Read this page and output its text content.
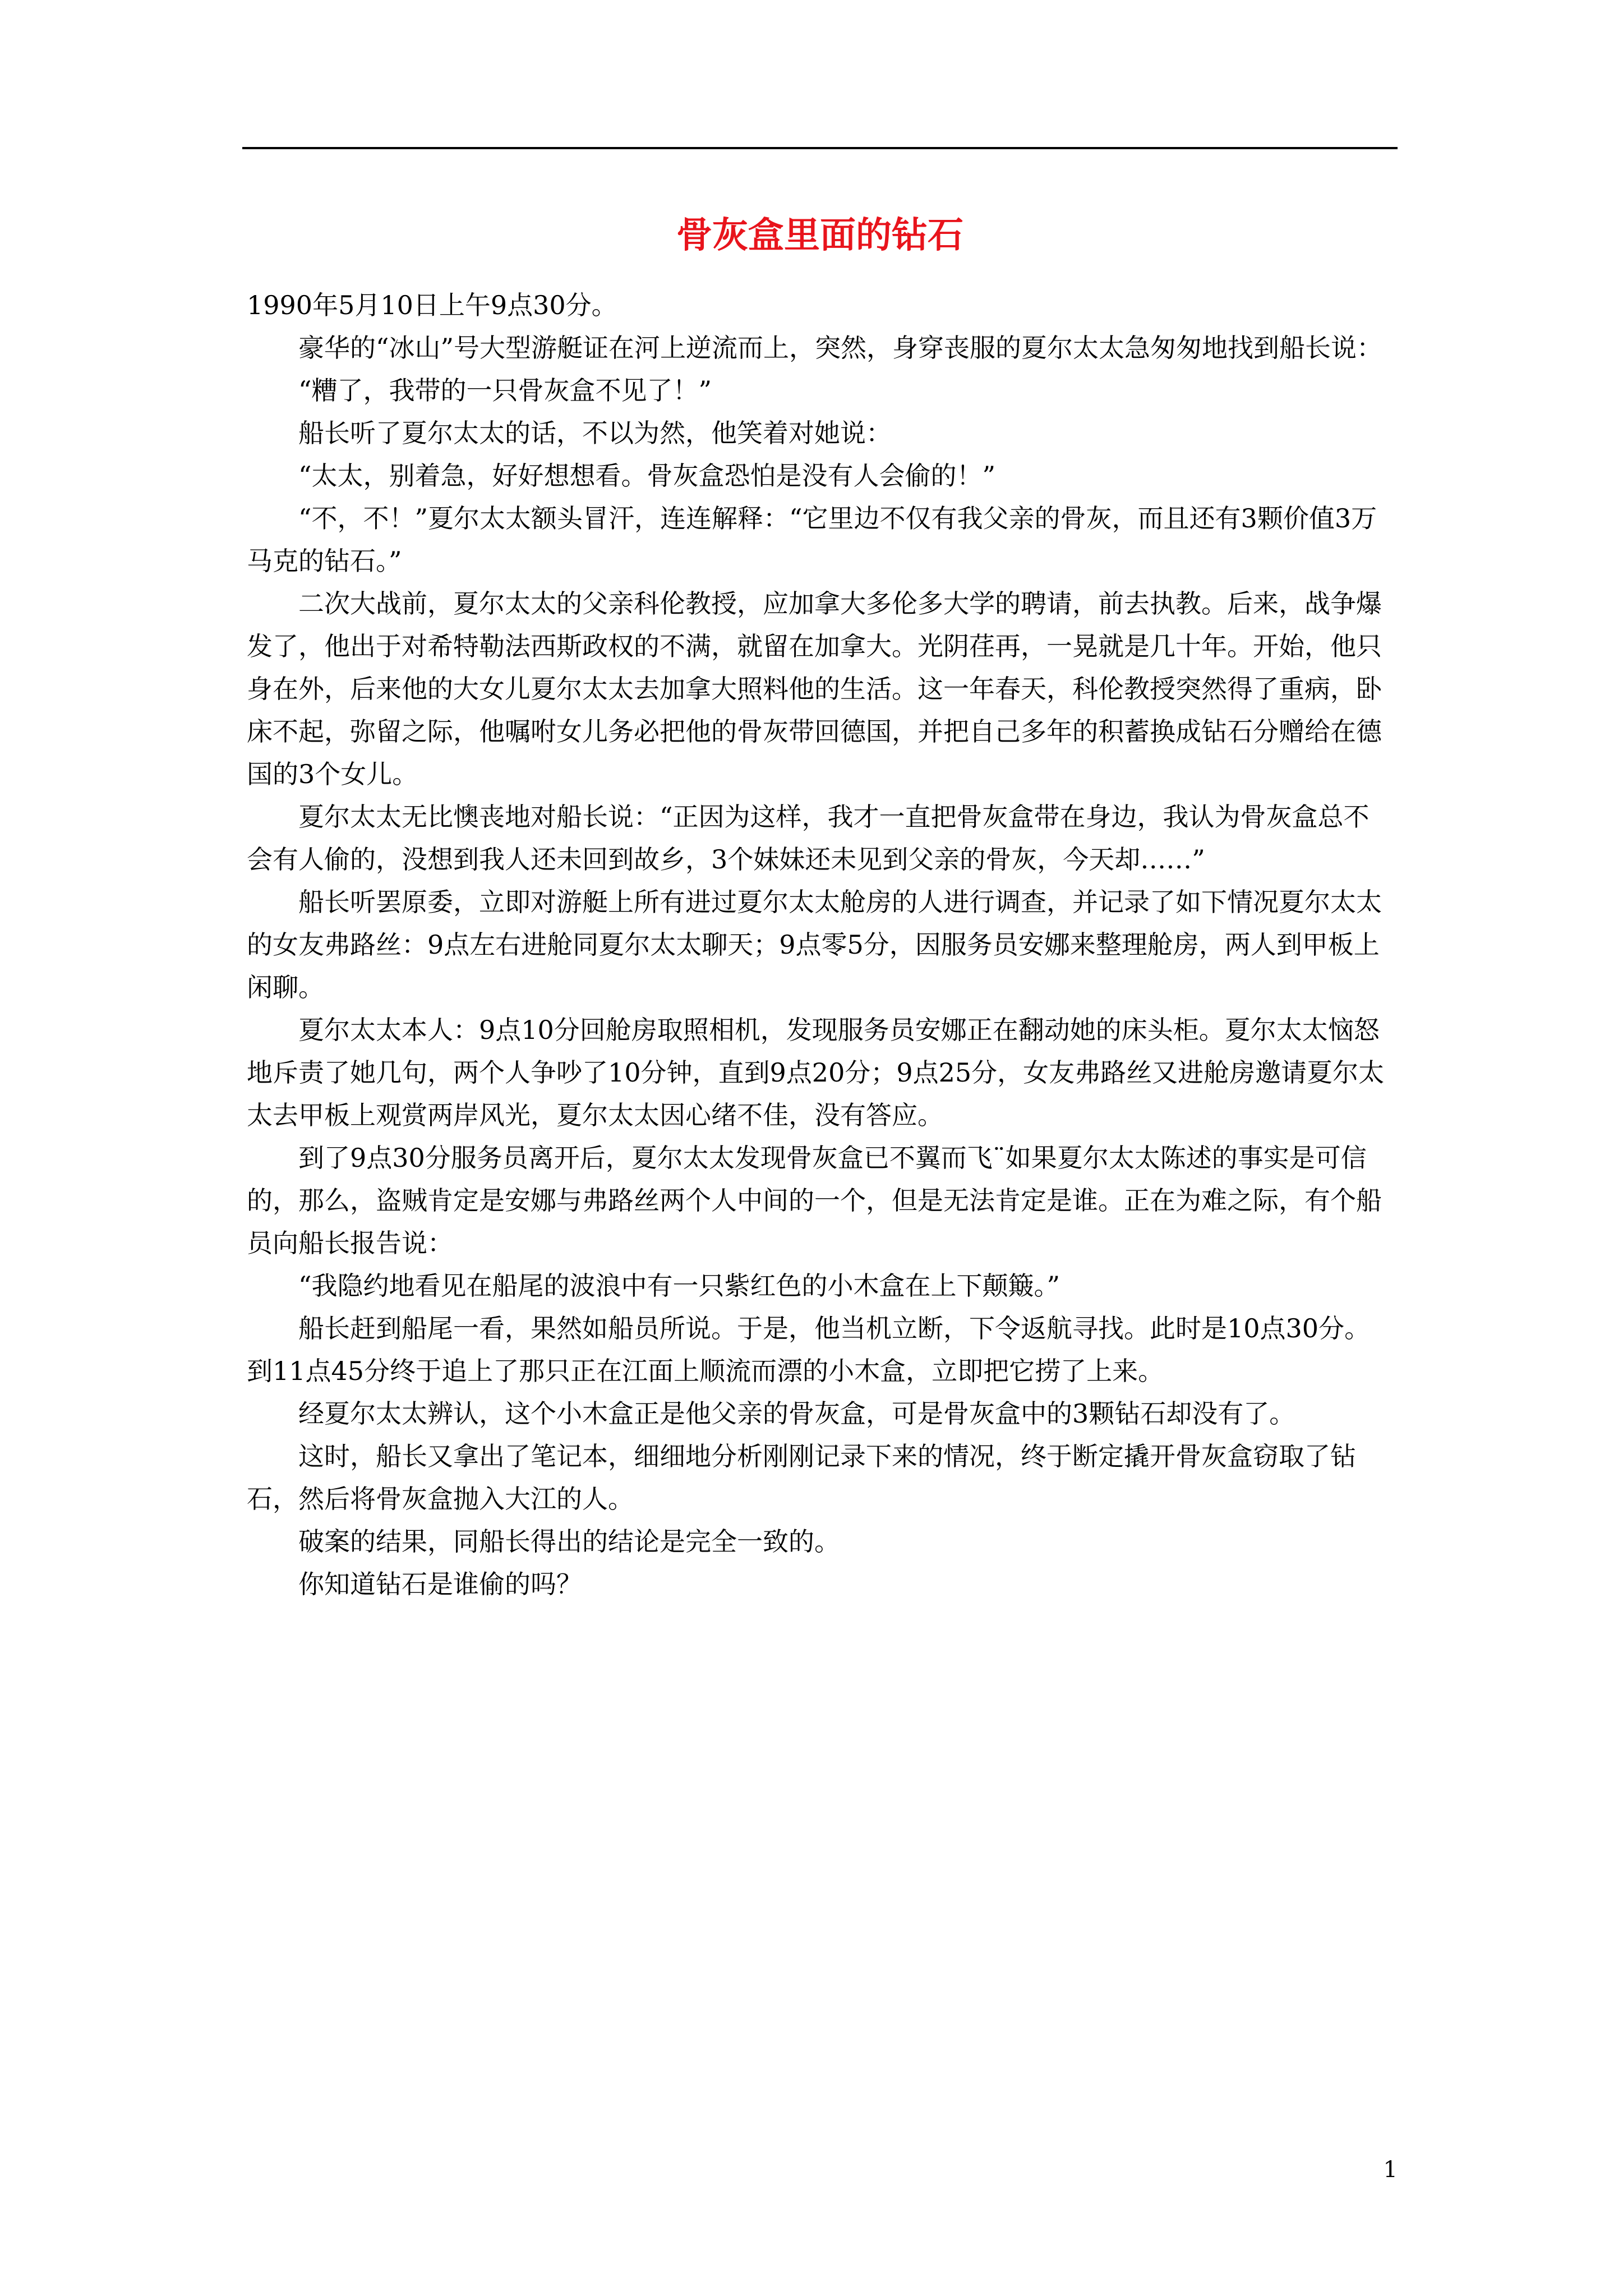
骨灰盒里面的钻石

1990年5月10日上午9点30分。

豪华的“冰山”号大型游艇证在河上逆流而上，突然，身穿丧服的夏尔太太急匆匆地找到船长说：

“糟了，我带的一只骨灰盒不见了！”

船长听了夏尔太太的话，不以为然，他笑着对她说：

“太太，别着急，好好想想看。骨灰盒恐怕是没有人会偷的！”

“不，不！”夏尔太太额头冒汗，连连解释：“它里边不仅有我父亲的骨灰，而且还有3颗价值3万马克的钻石。”

二次大战前，夏尔太太的父亲科伦教授，应加拿大多伦多大学的聘请，前去执教。后来，战争爆发了，他出于对希特勒法西斯政权的不满，就留在加拿大。光阴荏再，一晃就是几十年。开始，他只身在外，后来他的大女儿夏尔太太去加拿大照料他的生活。这一年春天，科伦教授突然得了重病，卧床不起，弥留之际，他嘱咐女儿务必把他的骨灰带回德国，并把自己多年的积蓄换成钻石分赠给在德国的3个女儿。

夏尔太太无比懊丧地对船长说：“正因为这样，我才一直把骨灰盒带在身边，我认为骨灰盒总不会有人偷的，没想到我人还未回到故乡，3个妹妹还未见到父亲的骨灰，今天却……”

船长听罢原委，立即对游艇上所有进过夏尔太太舱房的人进行调查，并记录了如下情况夏尔太太的女友弗路丝：9点左右进舱同夏尔太太聊天；9点零5分，因服务员安娜来整理舱房，两人到甲板上闲聊。

夏尔太太本人：9点10分回舱房取照相机，发现服务员安娜正在翻动她的床头柜。夏尔太太恼怒地斥责了她几句，两个人争吵了10分钟，直到9点20分；9点25分，女友弗路丝又进舱房邀请夏尔太太去甲板上观赏两岸风光，夏尔太太因心绪不佳，没有答应。

到了9点30分服务员离开后，夏尔太太发现骨灰盒已不翼而飞¨如果夏尔太太陈述的事实是可信的，那么，盗贼肯定是安娜与弗路丝两个人中间的一个，但是无法肯定是谁。正在为难之际，有个船员向船长报告说：

“我隐约地看见在船尾的波浪中有一只紫红色的小木盒在上下颠簸。”

船长赶到船尾一看，果然如船员所说。于是，他当机立断，下令返航寻找。此时是10点30分。到11点45分终于追上了那只正在江面上顺流而漂的小木盒，立即把它捞了上来。

经夏尔太太辨认，这个小木盒正是他父亲的骨灰盒，可是骨灰盒中的3颗钻石却没有了。

这时，船长又拿出了笔记本，细细地分析刚刚记录下来的情况，终于断定撬开骨灰盒窃取了钻石，然后将骨灰盒抛入大江的人。

破案的结果，同船长得出的结论是完全一致的。

你知道钻石是谁偷的吗？

1
